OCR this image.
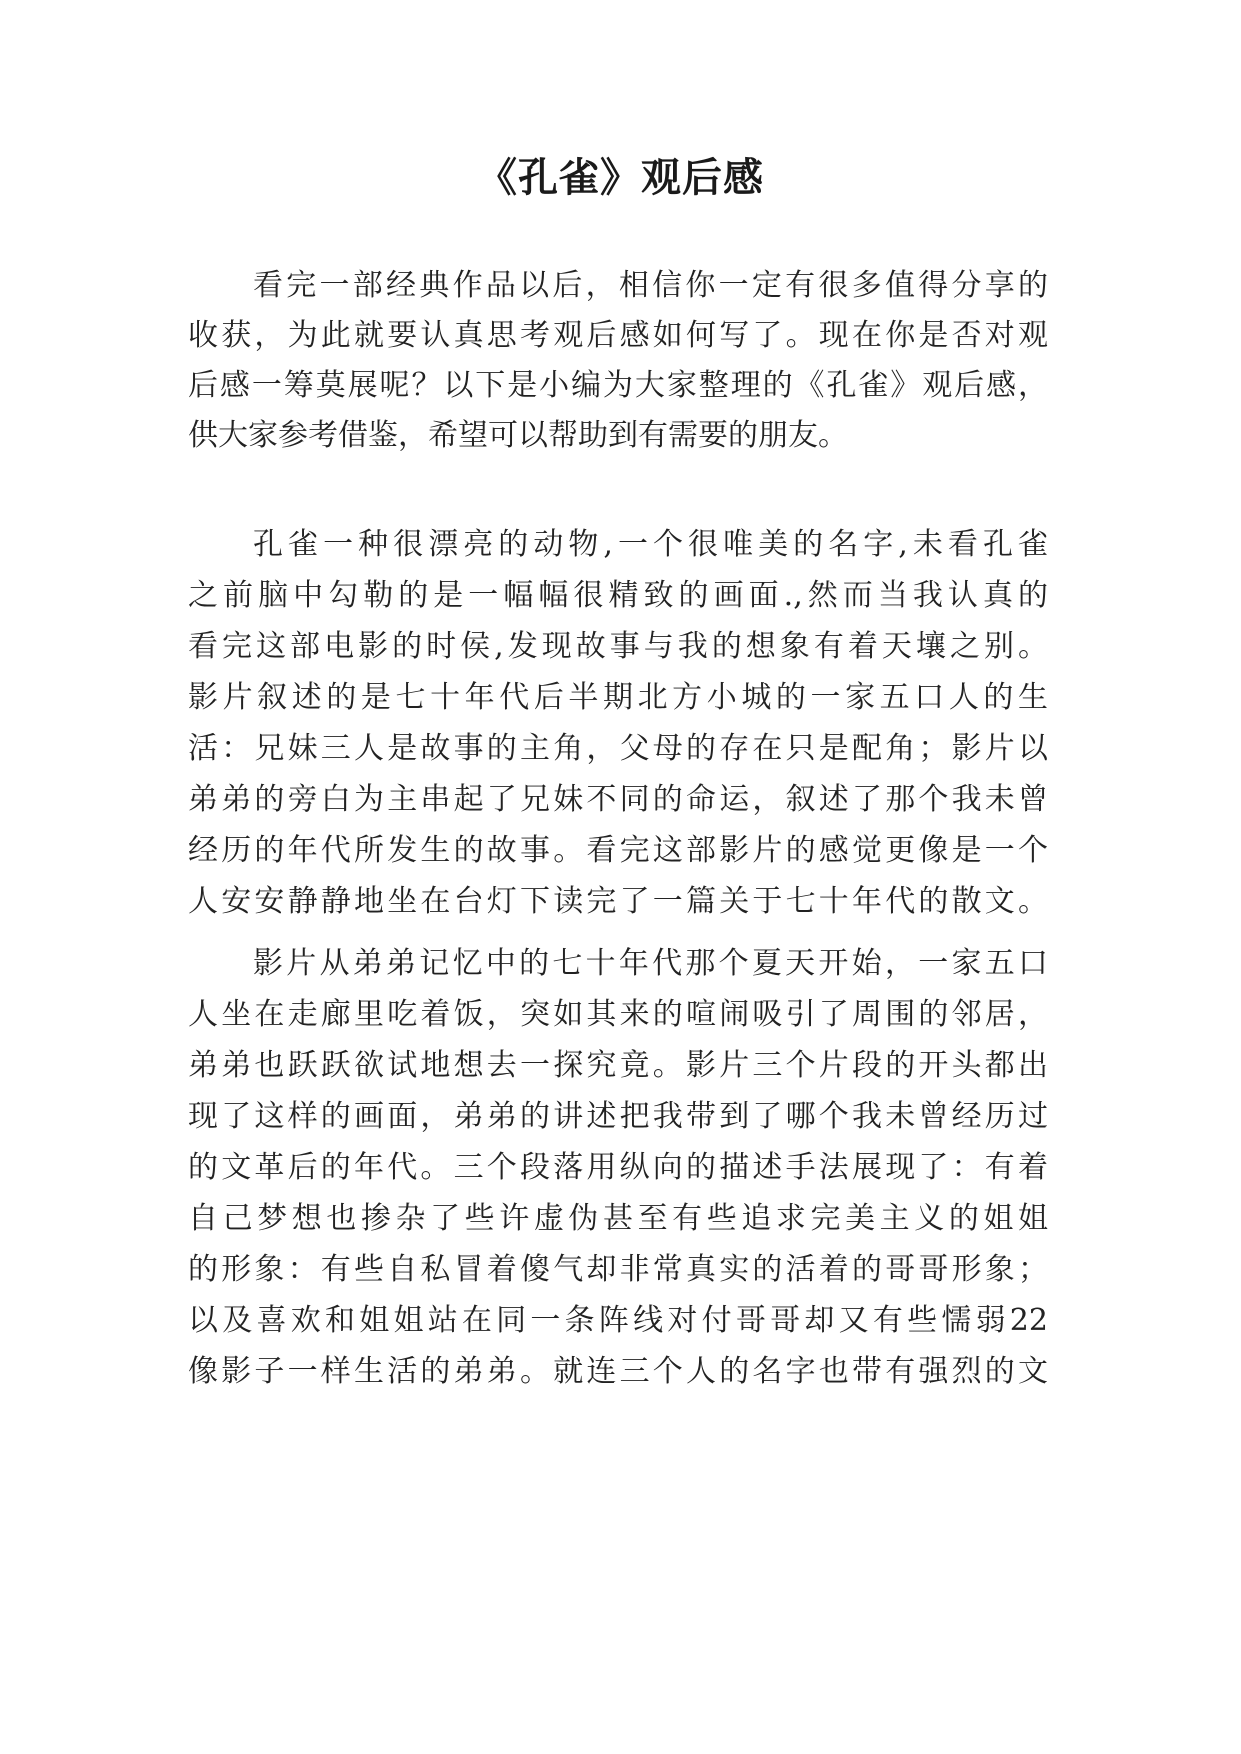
《孔雀》观后感
看完一部经典作品以后，相信你一定有很多值得分享的
收获，为此就要认真思考观后感如何写了。现在你是否对观
后感一筹莫展呢？以下是小编为大家整理的《孔雀》观后感，
供大家参考借鉴，希望可以帮助到有需要的朋友。
孔雀一种很漂亮的动物,一个很唯美的名字,未看孔雀
之前脑中勾勒的是一幅幅很精致的画面.,然而当我认真的
看完这部电影的时侯,发现故事与我的想象有着天壤之别。
影片叙述的是七十年代后半期北方小城的一家五口人的生
活：兄妹三人是故事的主角，父母的存在只是配角；影片以
弟弟的旁白为主串起了兄妹不同的命运，叙述了那个我未曾
经历的年代所发生的故事。看完这部影片的感觉更像是一个
人安安静静地坐在台灯下读完了一篇关于七十年代的散文。
影片从弟弟记忆中的七十年代那个夏天开始，一家五口
人坐在走廊里吃着饭，突如其来的喧闹吸引了周围的邻居，
弟弟也跃跃欲试地想去一探究竟。影片三个片段的开头都出
现了这样的画面，弟弟的讲述把我带到了哪个我未曾经历过
的文革后的年代。三个段落用纵向的描述手法展现了：有着
自己梦想也掺杂了些许虚伪甚至有些追求完美主义的姐姐
的形象：有些自私冒着傻气却非常真实的活着的哥哥形象；
以及喜欢和姐姐站在同一条阵线对付哥哥却又有些懦弱22
像影子一样生活的弟弟。就连三个人的名字也带有强烈的文
